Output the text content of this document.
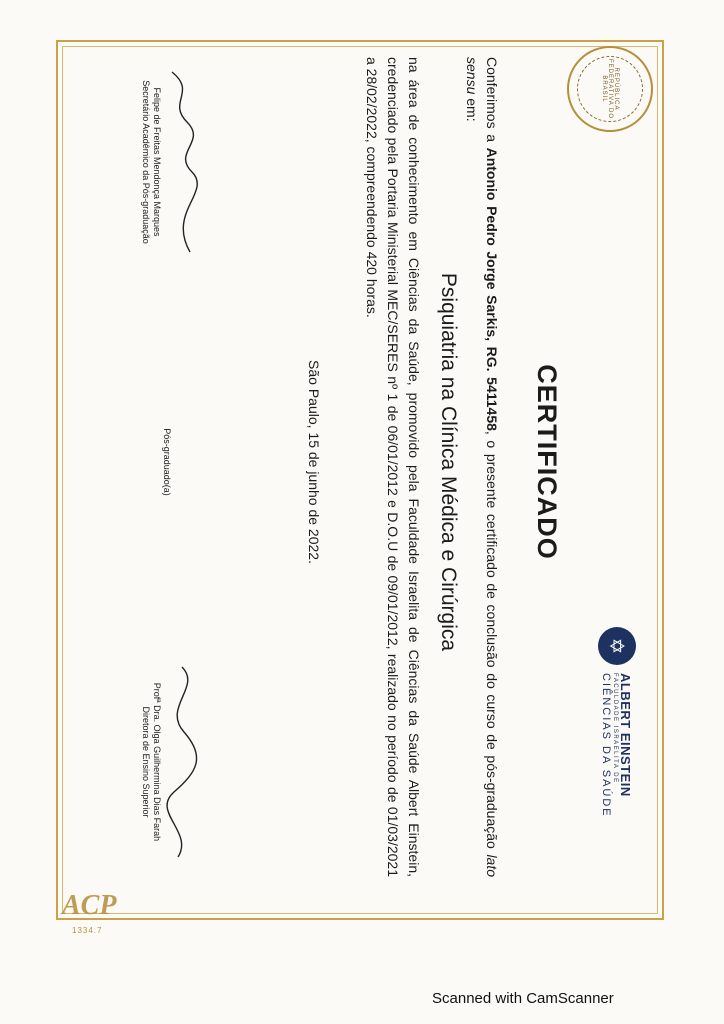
REPÚBLICA FEDERATIVA DO BRASIL
✡
ALBERT EINSTEIN
FACULDADE ISRAELITA DE
CIÊNCIAS DA SAÚDE
CERTIFICADO
Conferimos a Antonio Pedro Jorge Sarkis, RG. 5411458, o presente certificado de conclusão do curso de pós-graduação lato sensu em:
Psiquiatria na Clínica Médica e Cirúrgica
na área de conhecimento em Ciências da Saúde, promovido pela Faculdade Israelita de Ciências da Saúde Albert Einstein, credenciado pela Portaria Ministerial MEC/SERES nº 1 de 06/01/2012 e D.O.U de 09/01/2012, realizado no período de 01/03/2021 a 28/02/2022, compreendendo 420 horas.
São Paulo, 15 de junho de 2022.
Felipe de Freitas Mendonça Marques
Secretário Acadêmico da Pós-graduação
Pós-graduado(a)
Profª Dra. Olga Guilhermina Dias Farah
Diretora de Ensino Superior
ACP
1334.7
Scanned with CamScanner
